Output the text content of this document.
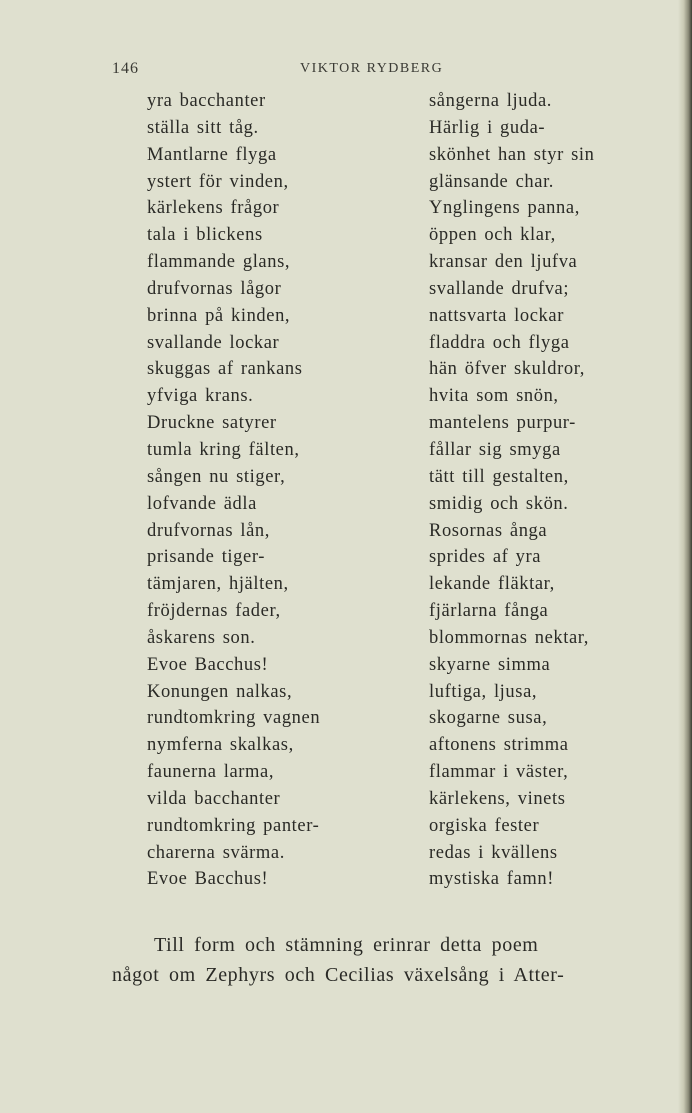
146	VIKTOR RYDBERG
yra bacchanter
ställa sitt tåg.
Mantlarne flyga
ystert för vinden,
kärlekens frågor
tala i blickens
flammande glans,
drufvornas lågor
brinna på kinden,
svallande lockar
skuggas af rankans
yfviga krans.
Druckne satyrer
tumla kring fälten,
sången nu stiger,
lofvande ädla
drufvornas lån,
prisande tiger-
tämjaren, hjälten,
fröjdernas fader,
åskarens son.
Evoe Bacchus!
Konungen nalkas,
rundtomkring vagnen
nymferna skalkas,
faunerna larma,
vilda bacchanter
rundtomkring panter-
charerna svärma.
Evoe Bacchus!
sångerna ljuda.
Härlig i guda-
skönhet han styr sin
glänsande char.
Ynglingens panna,
öppen och klar,
kransar den ljufva
svallande drufva;
nattsvarta lockar
fladdra och flyga
hän öfver skuldror,
hvita som snön,
mantelens purpur-
fållar sig smyga
tätt till gestalten,
smidig och skön.
Rosornas ånga
sprides af yra
lekande fläktar,
fjärlarna fånga
blommornas nektar,
skyarne simma
luftiga, ljusa,
skogarne susa,
aftonens strimma
flammar i väster,
kärlekens, vinets
orgiska fester
redas i kvällens
mystiska famn!
Till form och stämning erinrar detta poem
något om Zephyrs och Cecilias växelsång i Atter-
